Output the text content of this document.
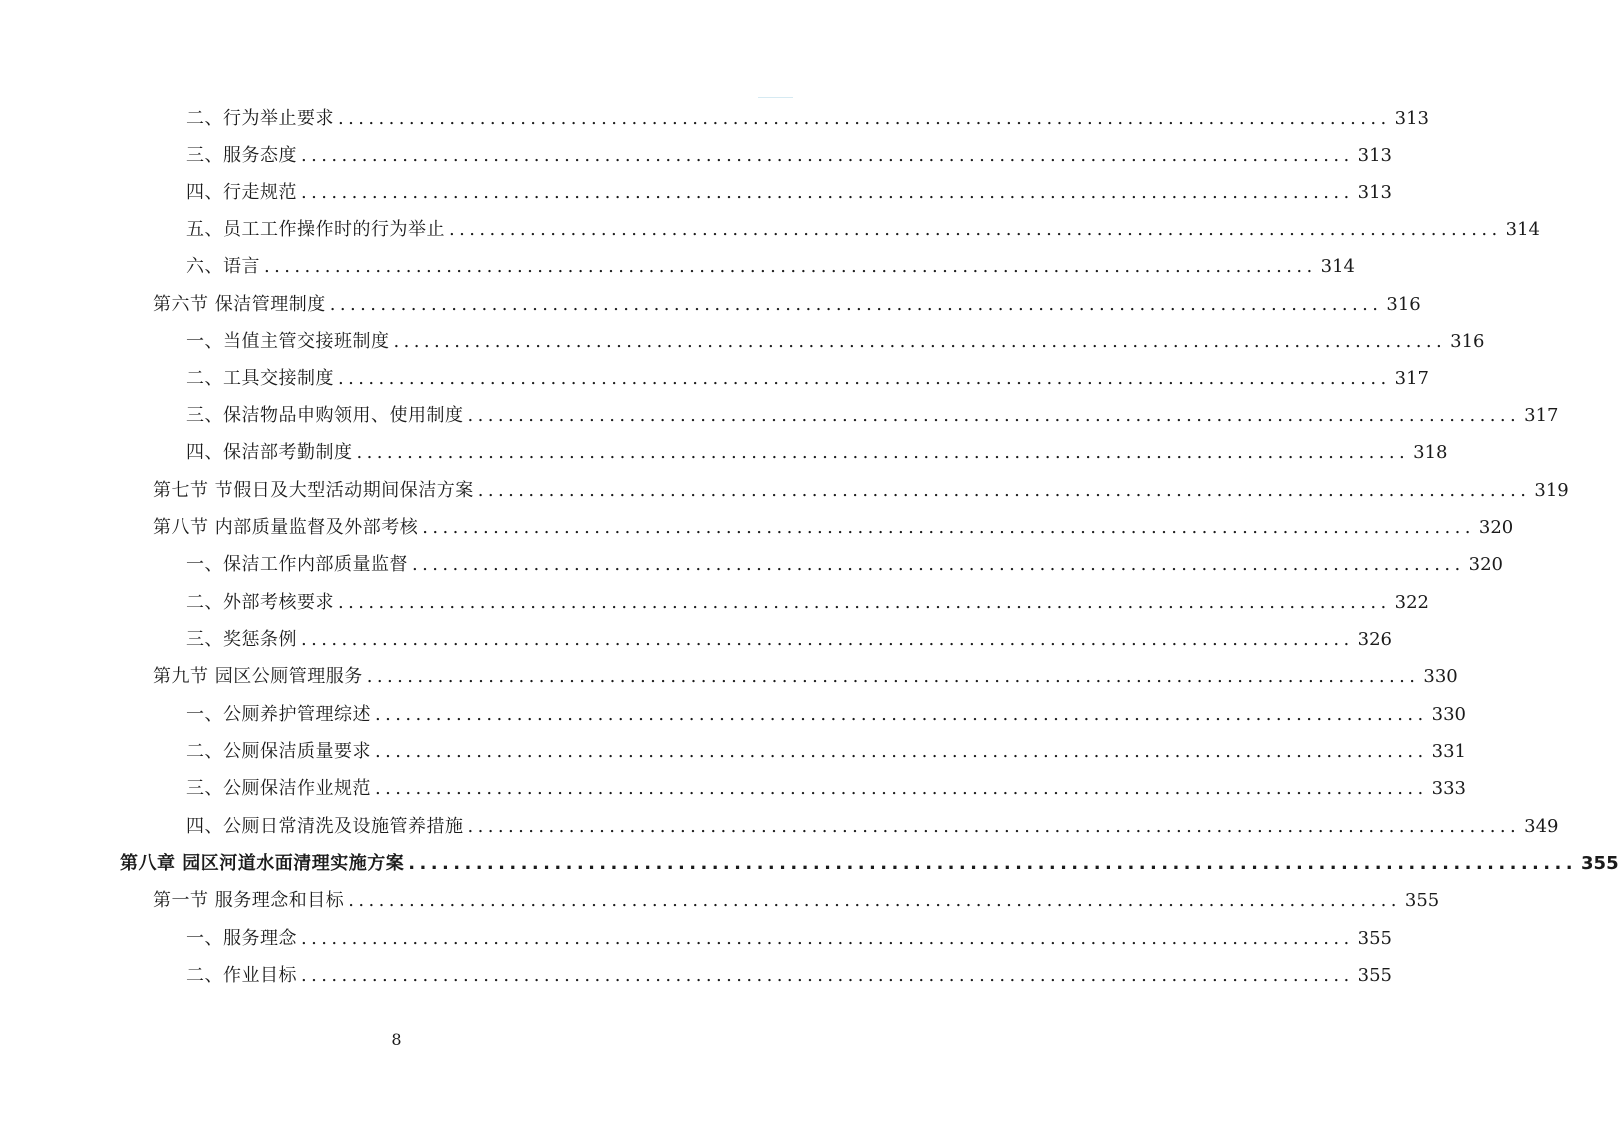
二、行为举止要求 ........................................................................................................ 313
三、服务态度 ........................................................................................................ 313
四、行走规范 ........................................................................................................ 313
五、员工工作操作时的行为举止 ........................................................................................................ 314
六、语言 ........................................................................................................ 314
第六节 保洁管理制度 ........................................................................................................ 316
一、当值主管交接班制度 ........................................................................................................ 316
二、工具交接制度 ........................................................................................................ 317
三、保洁物品申购领用、使用制度 ........................................................................................................ 317
四、保洁部考勤制度 ........................................................................................................ 318
第七节 节假日及大型活动期间保洁方案 ........................................................................................................ 319
第八节 内部质量监督及外部考核 ........................................................................................................ 320
一、保洁工作内部质量监督 ........................................................................................................ 320
二、外部考核要求 ........................................................................................................ 322
三、奖惩条例 ........................................................................................................ 326
第九节 园区公厕管理服务 ........................................................................................................ 330
一、公厕养护管理综述 ........................................................................................................ 330
二、公厕保洁质量要求 ........................................................................................................ 331
三、公厕保洁作业规范 ........................................................................................................ 333
四、公厕日常清洗及设施管养措施 ........................................................................................................ 349
第八章 园区河道水面清理实施方案 ........................................................................................................ 355
第一节 服务理念和目标 ........................................................................................................ 355
一、服务理念 ........................................................................................................ 355
二、作业目标 ........................................................................................................ 355
8
